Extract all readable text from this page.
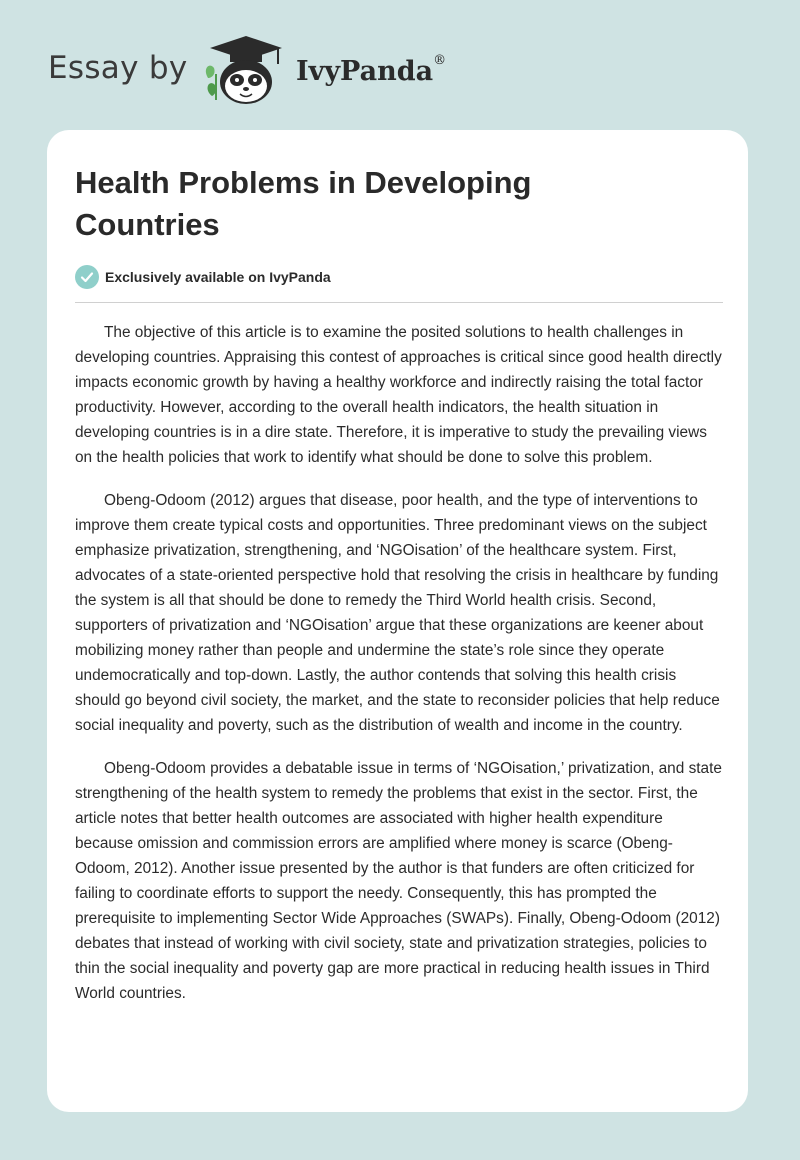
Essay by	IvyPanda®
Health Problems in Developing Countries
Exclusively available on IvyPanda

The objective of this article is to examine the posited solutions to health challenges in developing countries. Appraising this contest of approaches is critical since good health directly impacts economic growth by having a healthy workforce and indirectly raising the total factor productivity. However, according to the overall health indicators, the health situation in developing countries is in a dire state. Therefore, it is imperative to study the prevailing views on the health policies that work to identify what should be done to solve this problem.

Obeng-Odoom (2012) argues that disease, poor health, and the type of interventions to improve them create typical costs and opportunities. Three predominant views on the subject emphasize privatization, strengthening, and ‘NGOisation’ of the healthcare system. First, advocates of a state-oriented perspective hold that resolving the crisis in healthcare by funding the system is all that should be done to remedy the Third World health crisis. Second, supporters of privatization and ‘NGOisation’ argue that these organizations are keener about mobilizing money rather than people and undermine the state’s role since they operate undemocratically and top-down. Lastly, the author contends that solving this health crisis should go beyond civil society, the market, and the state to reconsider policies that help reduce social inequality and poverty, such as the distribution of wealth and income in the country.

Obeng-Odoom provides a debatable issue in terms of ‘NGOisation,’ privatization, and state strengthening of the health system to remedy the problems that exist in the sector. First, the article notes that better health outcomes are associated with higher health expenditure because omission and commission errors are amplified where money is scarce (Obeng-Odoom, 2012). Another issue presented by the author is that funders are often criticized for failing to coordinate efforts to support the needy. Consequently, this has prompted the prerequisite to implementing Sector Wide Approaches (SWAPs). Finally, Obeng-Odoom (2012) debates that instead of working with civil society, state and privatization strategies, policies to thin the social inequality and poverty gap are more practical in reducing health issues in Third World countries.
